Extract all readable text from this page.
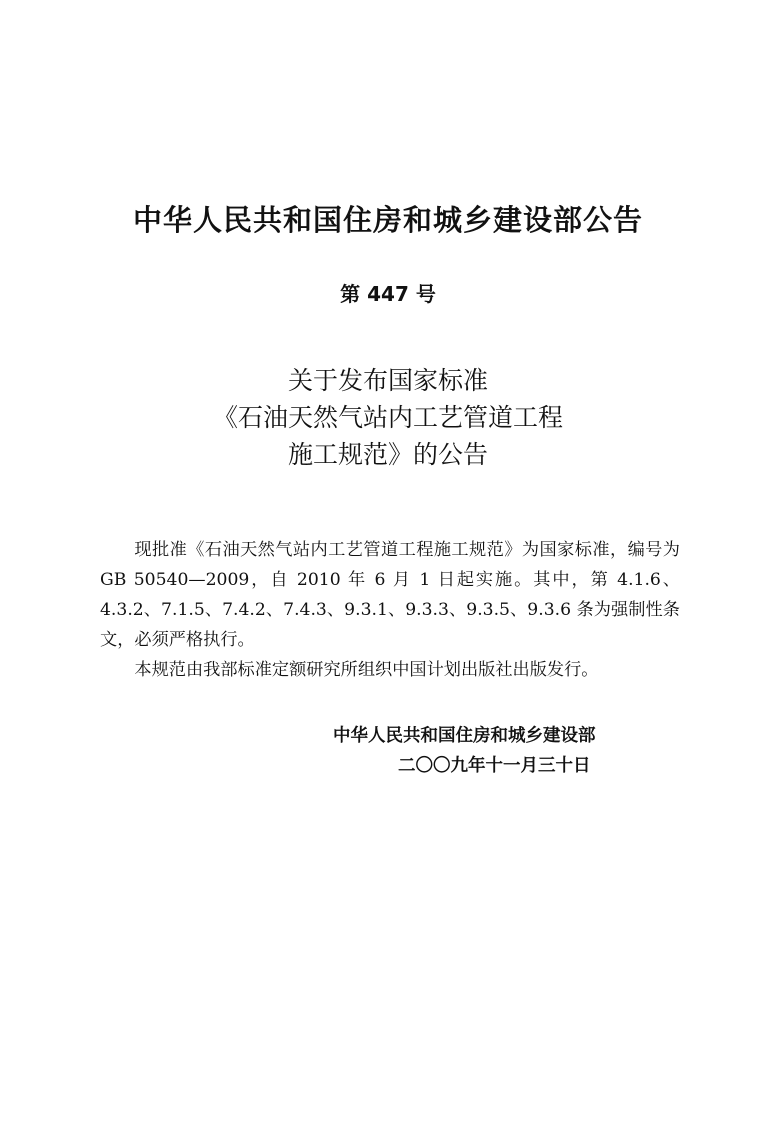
中华人民共和国住房和城乡建设部公告
第 447 号
关于发布国家标准
《石油天然气站内工艺管道工程
施工规范》的公告

现批准《石油天然气站内工艺管道工程施工规范》为国家标准，编号为 GB 50540—2009，自 2010 年 6 月 1 日起实施。其中，第 4.1.6、4.3.2、7.1.5、7.4.2、7.4.3、9.3.1、9.3.3、9.3.5、9.3.6 条为强制性条文，必须严格执行。

本规范由我部标准定额研究所组织中国计划出版社出版发行。

中华人民共和国住房和城乡建设部
二〇〇九年十一月三十日
